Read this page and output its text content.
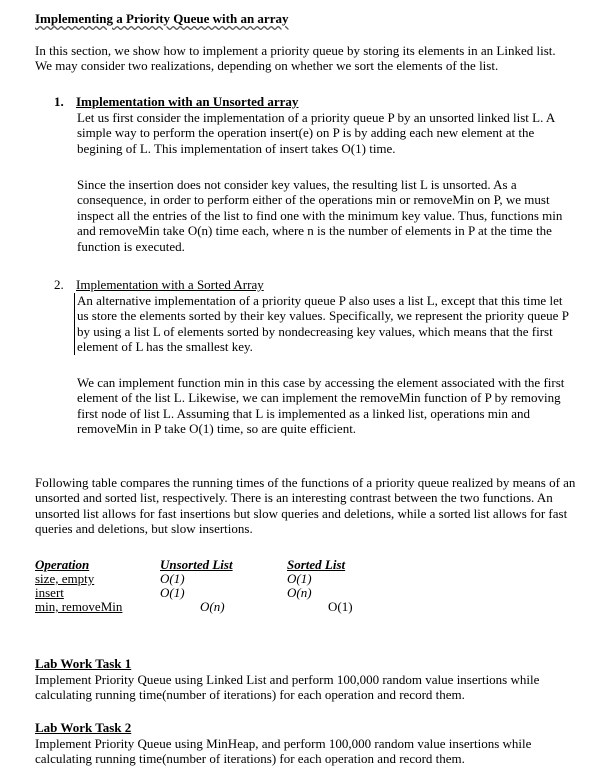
Implementing a Priority Queue with an array
In this section, we show how to implement a priority queue by storing its elements in an Linked list. We may consider two realizations, depending on whether we sort the elements of the list.
1. Implementation with an Unsorted array
Let us first consider the implementation of a priority queue P by an unsorted linked list L. A simple way to perform the operation insert(e) on P is by adding each new element at the begining of L. This implementation of insert takes O(1) time.
Since the insertion does not consider key values, the resulting list L is unsorted. As a consequence, in order to perform either of the operations min or removeMin on P, we must inspect all the entries of the list to find one with the minimum key value. Thus, functions min and removeMin take O(n) time each, where n is the number of elements in P at the time the function is executed.
2. Implementation with a Sorted Array
An alternative implementation of a priority queue P also uses a list L, except that this time let us store the elements sorted by their key values. Specifically, we represent the priority queue P by using a list L of elements sorted by nondecreasing key values, which means that the first element of L has the smallest key.
We can implement function min in this case by accessing the element associated with the first element of the list L. Likewise, we can implement the removeMin function of P by removing first node of list L. Assuming that L is implemented as a linked list, operations min and removeMin in P take O(1) time, so are quite efficient.
Following table compares the running times of the functions of a priority queue realized by means of an unsorted and sorted list, respectively. There is an interesting contrast between the two functions. An unsorted list allows for fast insertions but slow queries and deletions, while a sorted list allows for fast queries and deletions, but slow insertions.
Operation	Unsorted List	Sorted List
size, empty	O(1)	O(1)
insert	O(1)	O(n)
min, removeMin	O(n)	O(1)
Lab Work Task 1
Implement Priority Queue using Linked List and perform 100,000 random value insertions while calculating running time(number of iterations) for each operation and record them.
Lab Work Task 2
Implement Priority Queue using MinHeap, and perform 100,000 random value insertions while calculating running time(number of iterations) for each operation and record them.
